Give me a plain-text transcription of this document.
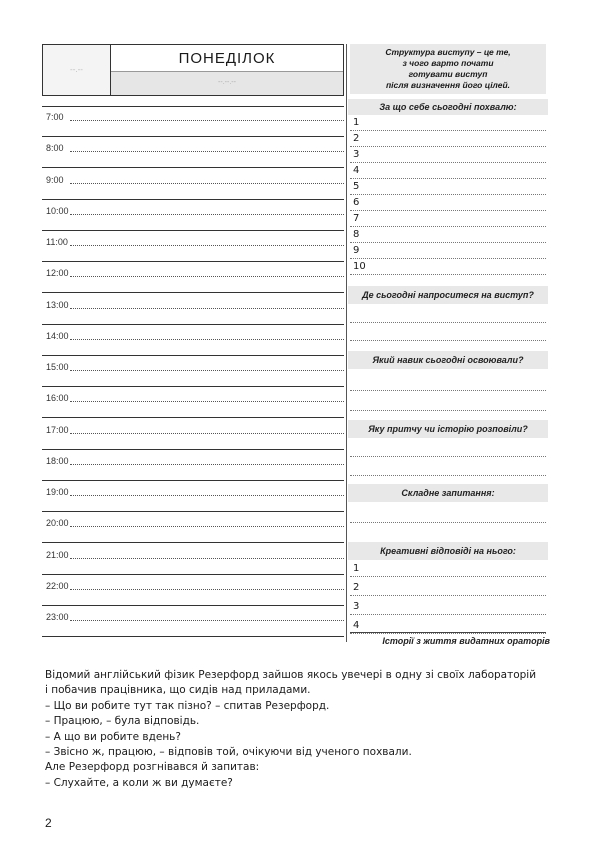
--.--
ПОНЕДІЛОК
--.--.--
7:00
8:00
9:00
10:00
11:00
12:00
13:00
14:00
15:00
16:00
17:00
18:00
19:00
20:00
21:00
22:00
23:00
Структура виступу – це те,
з чого варто почати
готувати виступ
після визначення його цілей.
За що себе сьогодні похвалю:
1
2
3
4
5
6
7
8
9
10
Де сьогодні напроситеся на виступ?
Який навик сьогодні освоювали?
Яку притчу чи історію розповіли?
Складне запитання:
Креативні відповіді на нього:
1
2
3
4
Історії з життя видатних ораторів

Відомий англійський фізик Резерфорд зайшов якось увечері в одну зі своїх лабораторій

і побачив працівника, що сидів над приладами.

– Що ви робите тут так пізно? – спитав Резерфорд.

– Працюю, – була відповідь.

– А що ви робите вдень?

– Звісно ж, працюю, – відповів той, очікуючи від ученого похвали.

Але Резерфорд розгнівався й запитав:

– Слухайте, а коли ж ви думаєте?

2
